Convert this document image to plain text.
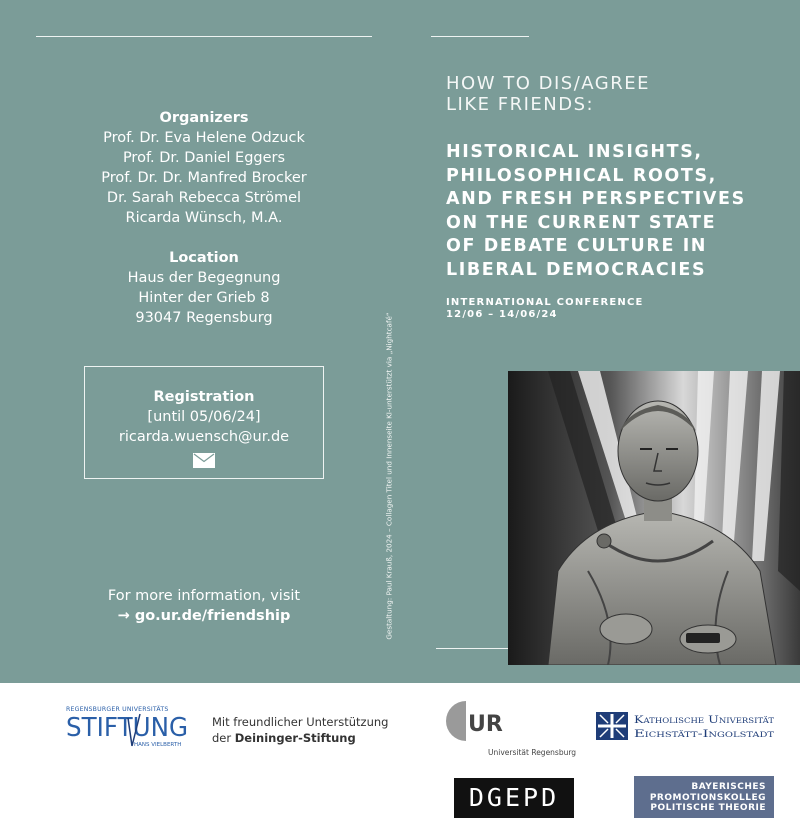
Organizers
Prof. Dr. Eva Helene Odzuck
Prof. Dr. Daniel Eggers
Prof. Dr. Dr. Manfred Brocker
Dr. Sarah Rebecca Strömel
Ricarda Wünsch, M.A.
Location
Haus der Begegnung
Hinter der Grieb 8
93047 Regensburg
Registration
[until 05/06/24]
ricarda.wuensch@ur.de
For more information, visit
→ go.ur.de/friendship	Gestaltung: Paul Krauß, 2024 – Collagen Titel und Innenseite KI-unterstützt via „Nightcafé“
HOW TO DIS/AGREE
LIKE FRIENDS:
HISTORICAL INSIGHTS,
PHILOSOPHICAL ROOTS,
AND FRESH PERSPECTIVES
ON THE CURRENT STATE
OF DEBATE CULTURE IN
LIBERAL DEMOCRACIES
INTERNATIONAL CONFERENCE
12/06 – 14/06/24
REGENSBURGER UNIVERSITÄTS
STIFTUNG
HANS VIELBERTH
Mit freundlicher Unterstützung
der Deininger-Stiftung
UR
Universität Regensburg
Katholische Universität
Eichstätt-Ingolstadt
DGEPD	BAYERISCHES
PROMOTIONSKOLLEG
POLITISCHE THEORIE
